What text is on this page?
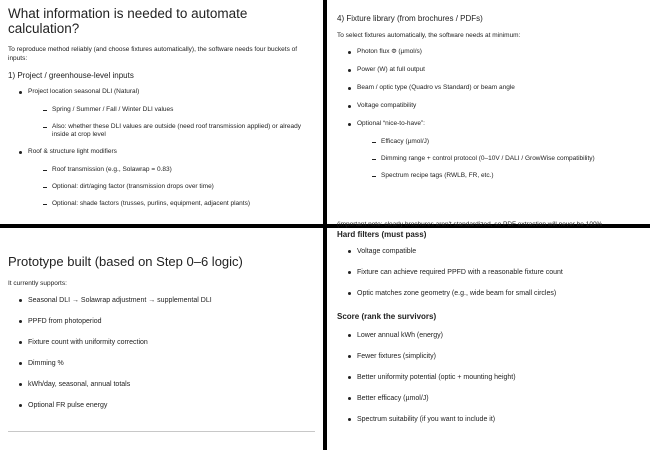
What information is needed to automate calculation?
To reproduce method reliably (and choose fixtures automatically), the software needs four buckets of inputs:
1) Project / greenhouse-level inputs
Project location seasonal DLI (Natural)
Spring / Summer / Fall / Winter DLI values
Also: whether these DLI values are outside (need roof transmission applied) or already inside at crop level
Roof & structure light modifiers
Roof transmission (e.g., Solawrap = 0.83)
Optional: dirt/aging factor (transmission drops over time)
Optional: shade factors (trusses, purlins, equipment, adjacent plants)
4) Fixture library (from brochures / PDFs)
To select fixtures automatically, the software needs at minimum:
Photon flux Φ (µmol/s)
Power (W) at full output
Beam / optic type (Quadro vs Standard) or beam angle
Voltage compatibility
Optional “nice-to-have”:
Efficacy (µmol/J)
Dimming range + control protocol (0–10V / DALI / GrowWise compatibility)
Spectrum recipe tags (RWLB, FR, etc.)
(important note: clearly brochures aren't standardized, so PDF extraction will never be 100%
Prototype built (based on Step 0–6 logic)
It currently supports:
Seasonal DLI → Solawrap adjustment → supplemental DLI
PPFD from photoperiod
Fixture count with uniformity correction
Dimming %
kWh/day, seasonal, annual totals
Optional FR pulse energy
Hard filters (must pass)
Voltage compatible
Fixture can achieve required PPFD with a reasonable fixture count
Optic matches zone geometry (e.g., wide beam for small circles)
Score (rank the survivors)
Lower annual kWh (energy)
Fewer fixtures (simplicity)
Better uniformity potential (optic + mounting height)
Better efficacy (µmol/J)
Spectrum suitability (if you want to include it)
